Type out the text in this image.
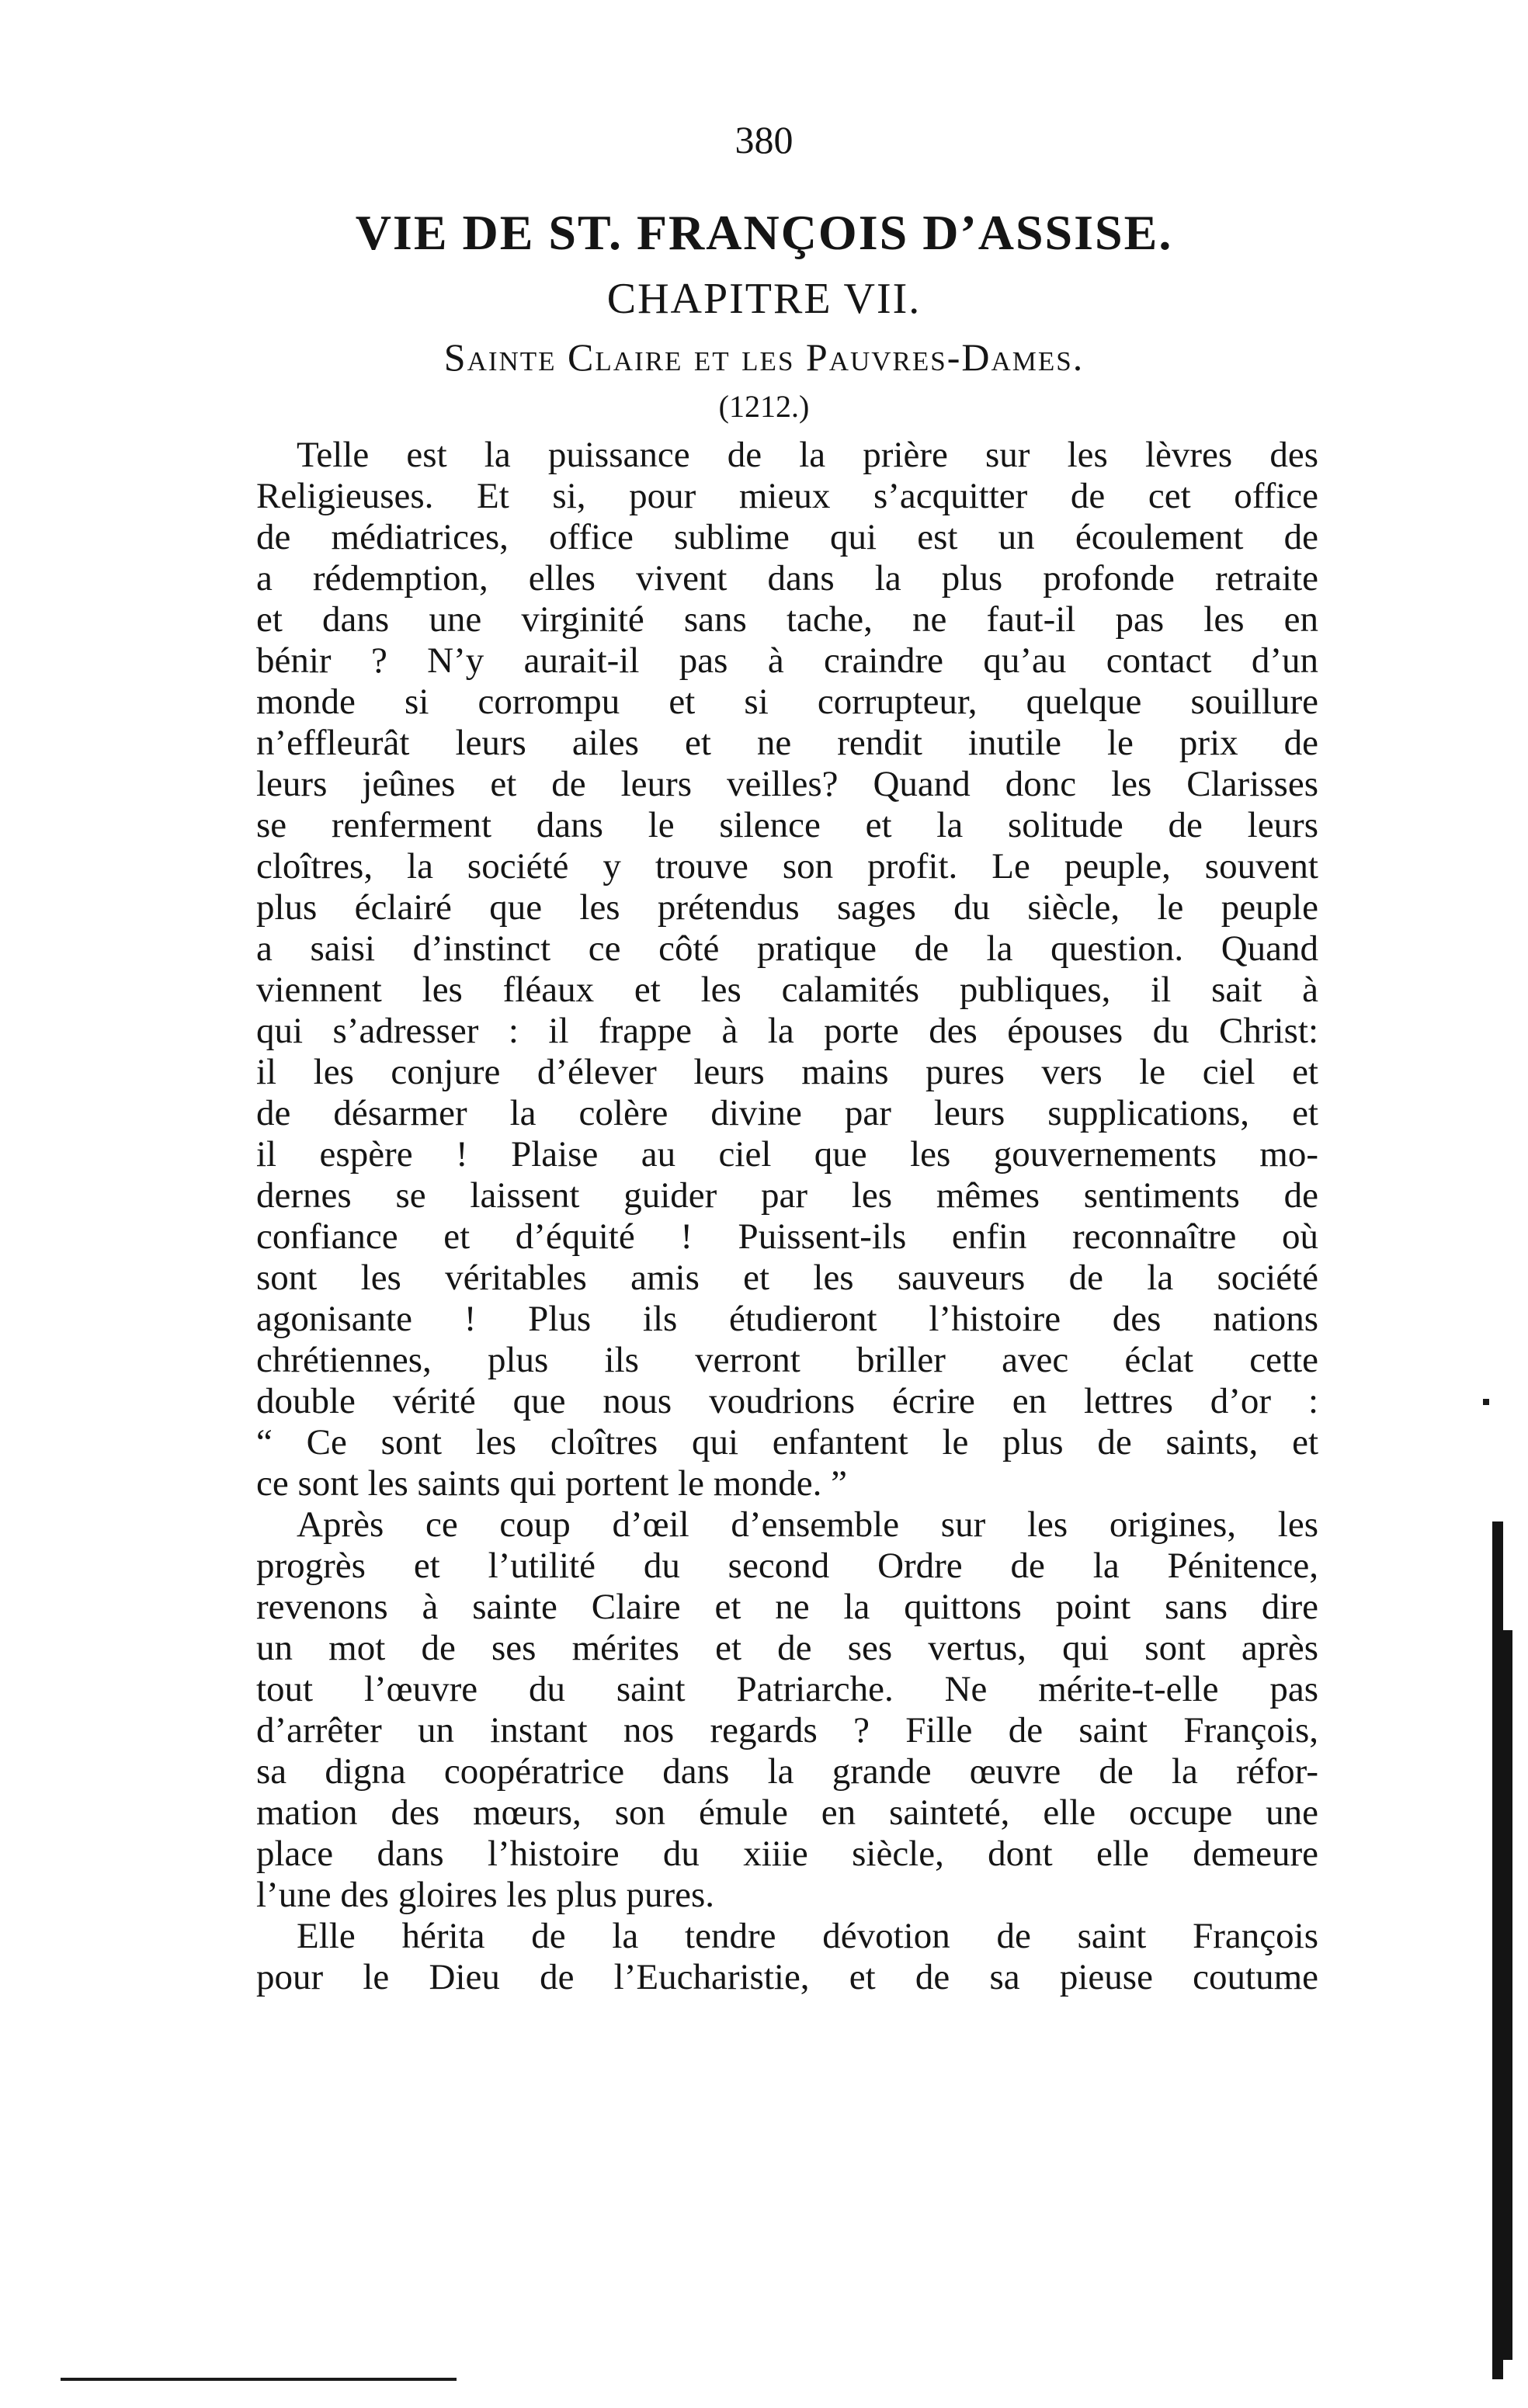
380
VIE DE ST. FRANÇOIS D’ASSISE.
CHAPITRE VII.
Sainte Claire et les Pauvres-Dames.
(1212.)
Telle est la puissance de la prière sur les lèvres des
Religieuses. Et si, pour mieux s’acquitter de cet office
de médiatrices, office sublime qui est un écoulement de
a rédemption, elles vivent dans la plus profonde retraite
et dans une virginité sans tache, ne faut-il pas les en
bénir ? N’y aurait-il pas à craindre qu’au contact d’un
monde si corrompu et si corrupteur, quelque souillure
n’effleurât leurs ailes et ne rendit inutile le prix de
leurs jeûnes et de leurs veilles? Quand donc les Clarisses
se renferment dans le silence et la solitude de leurs
cloîtres, la société y trouve son profit. Le peuple, souvent
plus éclairé que les prétendus sages du siècle, le peuple
a saisi d’instinct ce côté pratique de la question. Quand
viennent les fléaux et les calamités publiques, il sait à
qui s’adresser : il frappe à la porte des épouses du Christ:
il les conjure d’élever leurs mains pures vers le ciel et
de désarmer la colère divine par leurs supplications, et
il espère ! Plaise au ciel que les gouvernements mo-
dernes se laissent guider par les mêmes sentiments de
confiance et d’équité ! Puissent-ils enfin reconnaître où
sont les véritables amis et les sauveurs de la société
agonisante ! Plus ils étudieront l’histoire des nations
chrétiennes, plus ils verront briller avec éclat cette
double vérité que nous voudrions écrire en lettres d’or :
“ Ce sont les cloîtres qui enfantent le plus de saints, et
ce sont les saints qui portent le monde. ”
Après ce coup d’œil d’ensemble sur les origines, les
progrès et l’utilité du second Ordre de la Pénitence,
revenons à sainte Claire et ne la quittons point sans dire
un mot de ses mérites et de ses vertus, qui sont après
tout l’œuvre du saint Patriarche. Ne mérite-t-elle pas
d’arrêter un instant nos regards ? Fille de saint François,
sa digna coopératrice dans la grande œuvre de la réfor-
mation des mœurs, son émule en sainteté, elle occupe une
place dans l’histoire du xiiie siècle, dont elle demeure
l’une des gloires les plus pures.
Elle hérita de la tendre dévotion de saint François
pour le Dieu de l’Eucharistie, et de sa pieuse coutume
